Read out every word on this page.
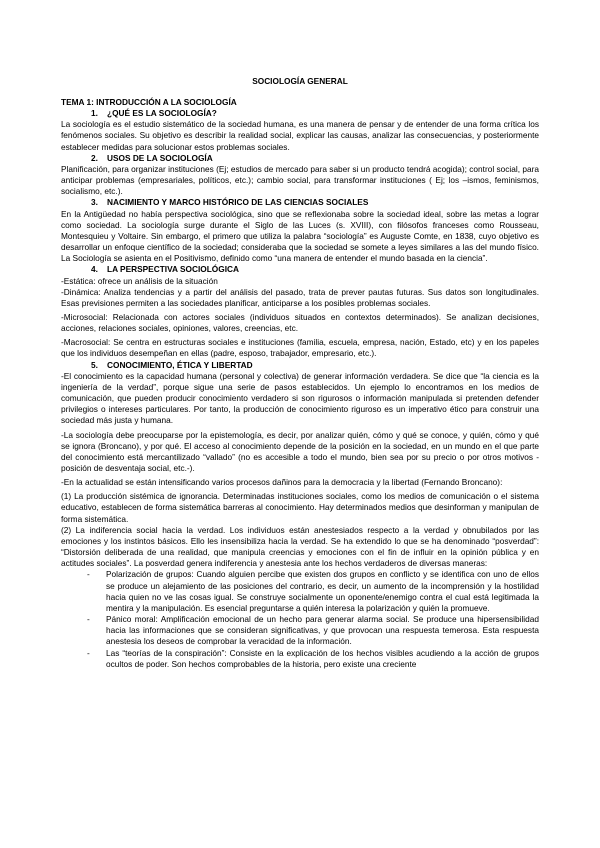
SOCIOLOGÍA GENERAL
TEMA 1: INTRODUCCIÓN A LA SOCIOLOGÍA
1.	¿QUÉ ES LA SOCIOLOGÍA?

La sociología es el estudio sistemático de la sociedad humana, es una manera de pensar y de entender de una forma crítica los fenómenos sociales. Su objetivo es describir la realidad social, explicar las causas, analizar las consecuencias, y posteriormente establecer medidas para solucionar estos problemas sociales.

2.	USOS DE LA SOCIOLOGÍA

Planificación, para organizar instituciones (Ej; estudios de mercado para saber si un producto tendrá acogida); control social, para anticipar problemas (empresariales, políticos, etc.); cambio social, para transformar instituciones ( Ej; los –ismos, feminismos, socialismo, etc.).

3.	NACIMIENTO Y MARCO HISTÓRICO DE LAS CIENCIAS SOCIALES

En la Antigüedad no había perspectiva sociológica, sino que se reflexionaba sobre la sociedad ideal, sobre las metas a lograr como sociedad. La sociología surge durante el Siglo de las Luces (s. XVIII), con filósofos franceses como Rousseau, Montesquieu y Voltaire. Sin embargo, el primero que utiliza la palabra “sociología” es Auguste Comte, en 1838, cuyo objetivo es desarrollar un enfoque científico de la sociedad; consideraba que la sociedad se somete a leyes similares a las del mundo físico. La Sociología se asienta en el Positivismo, definido como “una manera de entender el mundo basada en la ciencia”.

4.	LA PERSPECTIVA SOCIOLÓGICA

-Estática: ofrece un análisis de la situación

-Dinámica: Analiza tendencias y a partir del análisis del pasado, trata de prever pautas futuras. Sus datos son longitudinales. Esas previsiones permiten a las sociedades planificar, anticiparse a los posibles problemas sociales.

-Microsocial: Relacionada con actores sociales (individuos situados en contextos determinados). Se analizan decisiones, acciones, relaciones sociales, opiniones, valores, creencias, etc.

-Macrosocial: Se centra en estructuras sociales e instituciones (familia, escuela, empresa, nación, Estado, etc) y en los papeles que los individuos desempeñan en ellas (padre, esposo, trabajador, empresario, etc.).

5.	CONOCIMIENTO, ÉTICA Y LIBERTAD

-El conocimiento es la capacidad humana (personal y colectiva) de generar información verdadera. Se dice que “la ciencia es la ingeniería de la verdad”, porque sigue una serie de pasos establecidos. Un ejemplo lo encontramos en los medios de comunicación, que pueden producir conocimiento verdadero si son rigurosos o información manipulada si pretenden defender privilegios o intereses particulares. Por tanto, la producción de conocimiento riguroso es un imperativo ético para construir una sociedad más justa y humana.

-La sociología debe preocuparse por la epistemología, es decir, por analizar quién, cómo y qué se conoce, y quién, cómo y qué se ignora (Broncano), y por qué. El acceso al conocimiento depende de la posición en la sociedad, en un mundo en el que parte del conocimiento está mercantilizado “vallado” (no es accesible a todo el mundo, bien sea por su precio o por otros motivos - posición de desventaja social, etc.-).

-En la actualidad se están intensificando varios procesos dañinos para la democracia y la libertad (Fernando Broncano):

(1) La producción sistémica de ignorancia. Determinadas instituciones sociales, como los medios de comunicación o el sistema educativo, establecen de forma sistemática barreras al conocimiento. Hay determinados medios que desinforman y manipulan de forma sistemática.

(2) La indiferencia social hacia la verdad. Los individuos están anestesiados respecto a la verdad y obnubilados por las emociones y los instintos básicos. Ello les insensibiliza hacia la verdad. Se ha extendido lo que se ha denominado “posverdad”: “Distorsión deliberada de una realidad, que manipula creencias y emociones con el fin de influir en la opinión pública y en actitudes sociales”. La posverdad genera indiferencia y anestesia ante los hechos verdaderos de diversas maneras:

- Polarización de grupos: Cuando alguien percibe que existen dos grupos en conflicto y se identifica con uno de ellos se produce un alejamiento de las posiciones del contrario, es decir, un aumento de la incomprensión y la hostilidad hacia quien no ve las cosas igual. Se construye socialmente un oponente/enemigo contra el cual está legitimada la mentira y la manipulación. Es esencial preguntarse a quién interesa la polarización y quién la promueve.
- Pánico moral: Amplificación emocional de un hecho para generar alarma social. Se produce una hipersensibilidad hacia las informaciones que se consideran significativas, y que provocan una respuesta temerosa. Esta respuesta anestesia los deseos de comprobar la veracidad de la información.
- Las “teorías de la conspiración”: Consiste en la explicación de los hechos visibles acudiendo a la acción de grupos ocultos de poder. Son hechos comprobables de la historia, pero existe una creciente
